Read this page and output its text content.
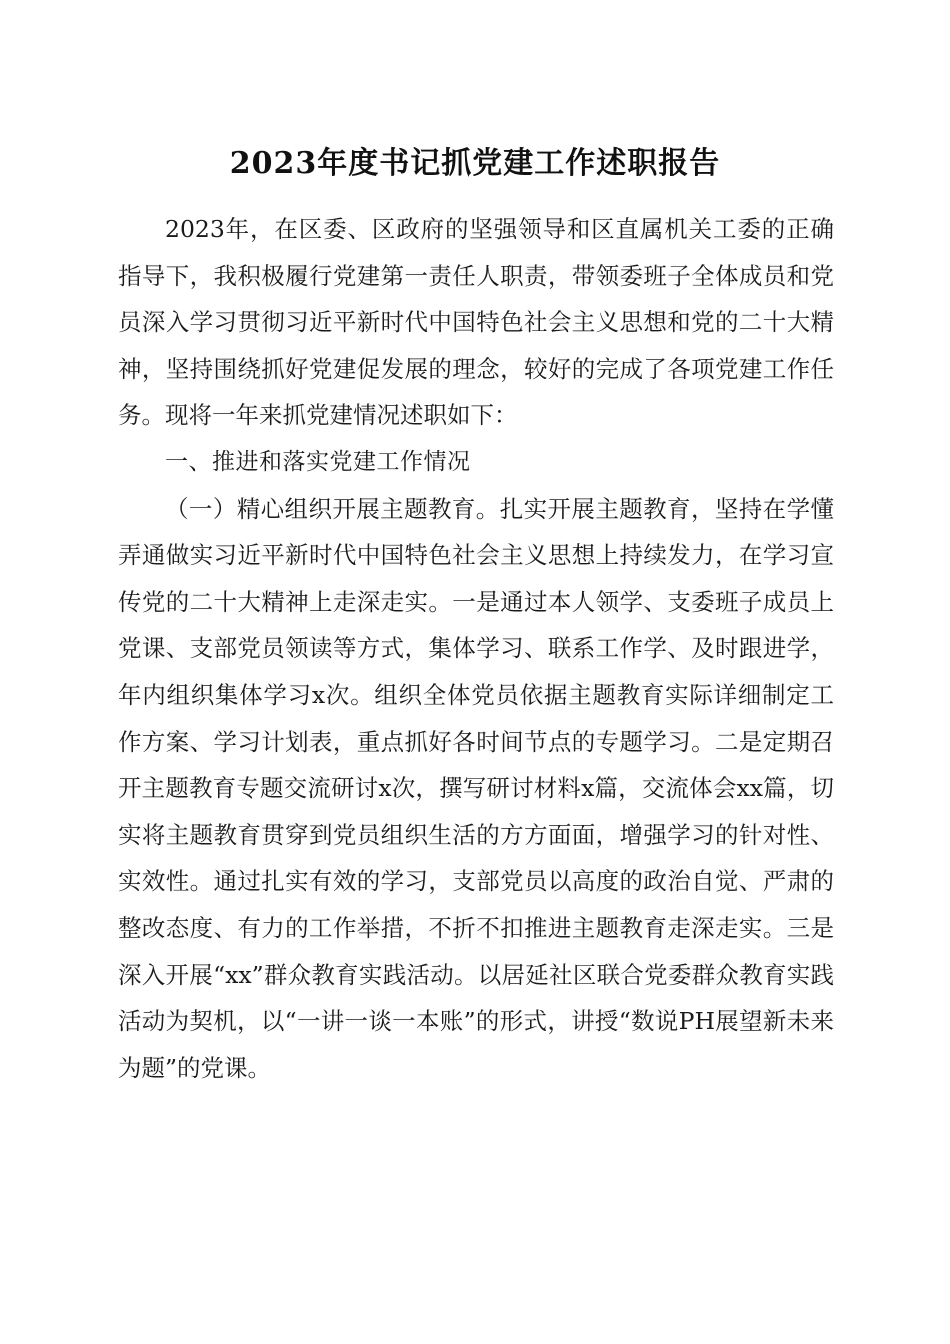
2023年度书记抓党建工作述职报告

2023年，在区委、区政府的坚强领导和区直属机关工委的正确指导下，我积极履行党建第一责任人职责，带领委班子全体成员和党员深入学习贯彻习近平新时代中国特色社会主义思想和党的二十大精神，坚持围绕抓好党建促发展的理念，较好的完成了各项党建工作任务。现将一年来抓党建情况述职如下：

一、推进和落实党建工作情况

（一）精心组织开展主题教育。扎实开展主题教育，坚持在学懂弄通做实习近平新时代中国特色社会主义思想上持续发力，在学习宣传党的二十大精神上走深走实。一是通过本人领学、支委班子成员上党课、支部党员领读等方式，集体学习、联系工作学、及时跟进学，年内组织集体学习x次。组织全体党员依据主题教育实际详细制定工作方案、学习计划表，重点抓好各时间节点的专题学习。二是定期召开主题教育专题交流研讨x次，撰写研讨材料x篇，交流体会xx篇，切实将主题教育贯穿到党员组织生活的方方面面，增强学习的针对性、实效性。通过扎实有效的学习，支部党员以高度的政治自觉、严肃的整改态度、有力的工作举措，不折不扣推进主题教育走深走实。三是深入开展“xx”群众教育实践活动。以居延社区联合党委群众教育实践活动为契机，以“一讲一谈一本账”的形式，讲授“数说PH展望新未来为题”的党课。
